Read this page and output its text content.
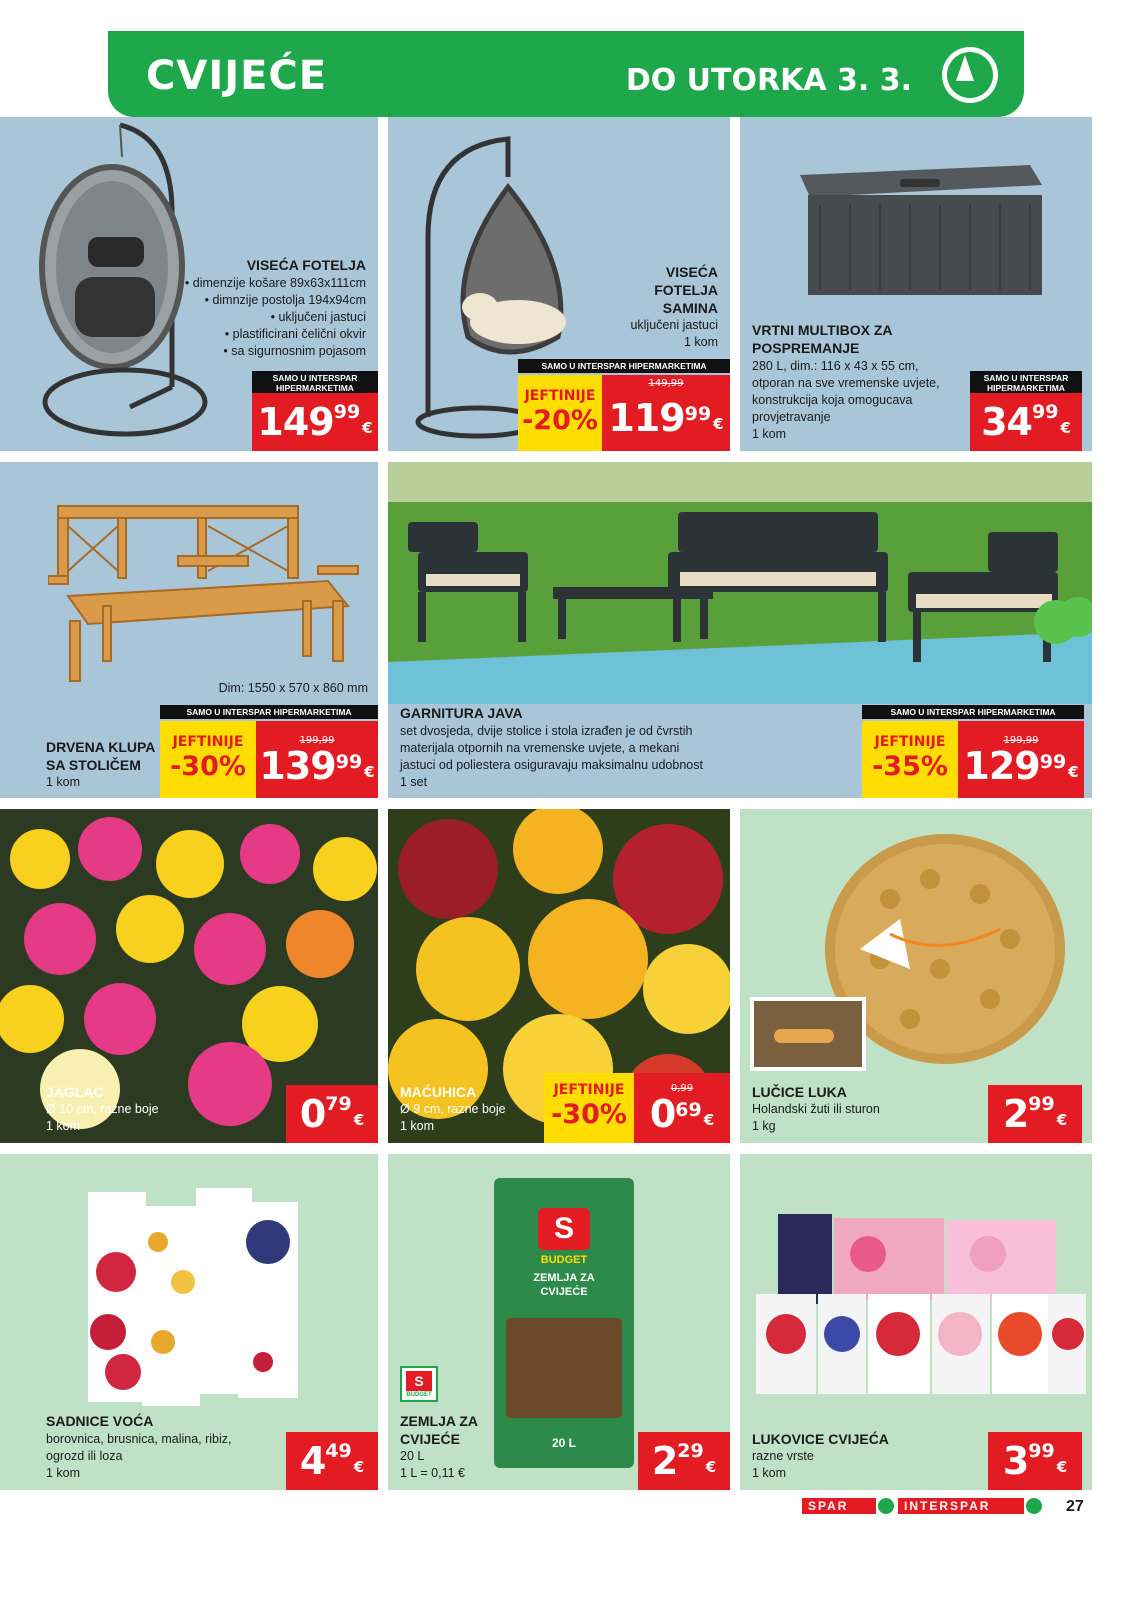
CVIJEĆE	DO UTORKA 3. 3.
VISEĆA FOTELJA
• dimenzije košare 89x63x111cm
• dimnzije postolja 194x94cm
• uključeni jastuci
• plastificirani čelični okvir
• sa sigurnosnim pojasom
SAMO U INTERSPAR HIPERMARKETIMA
149 99
€
VISEĆA
FOTELJA
SAMINA
uključeni jastuci
1 kom
SAMO U INTERSPAR HIPERMARKETIMA
JEFTINIJE
-20%
149,99
119 99 €
VRTNI MULTIBOX ZA
POSPREMANJE
280 L, dim.: 116 x 43 x 55 cm,
otporan na sve vremenske uvjete,
konstrukcija koja omogucava
provjetravanje
1 kom
SAMO U INTERSPAR HIPERMARKETIMA
34 99
€
Dim: 1550 x 570 x 860 mm
SAMO U INTERSPAR HIPERMARKETIMA
DRVENA KLUPA
SA STOLIČEM
1 kom
JEFTINIJE
-30%
199,99
139 99 €
GARNITURA JAVA
set dvosjeda, dvije stolice i stola izrađen je od čvrstih
materijala otpornih na vremenske uvjete, a mekani
jastuci od poliestera osiguravaju maksimalnu udobnost
1 set
SAMO U INTERSPAR HIPERMARKETIMA
JEFTINIJE
-35%
199,99
129 99 €
JAGLAC
Ø 10 cm, razne boje
1 kom	0 79
€
MAĆUHICA
Ø 9 cm, razne boje
1 kom
JEFTINIJE
-30%
0,99
0 69 €
LUČICE LUKA
Holandski žuti ili sturon
1 kg	2 99
€
SADNICE VOĆA
borovnica, brusnica, malina, ribiz,
ogrozd ili loza
1 kom	4 49
€
S
BUDGET
ZEMLJA ZA
CVIJEĆE
20 L
S
BUDGET
ZEMLJA ZA
CVIJEĆE
20 L
1 L = 0,11 €	2 29
€
LUKOVICE CVIJEĆA
razne vrste
1 kom	3 99
€
SPAR	INTERSPAR	27
